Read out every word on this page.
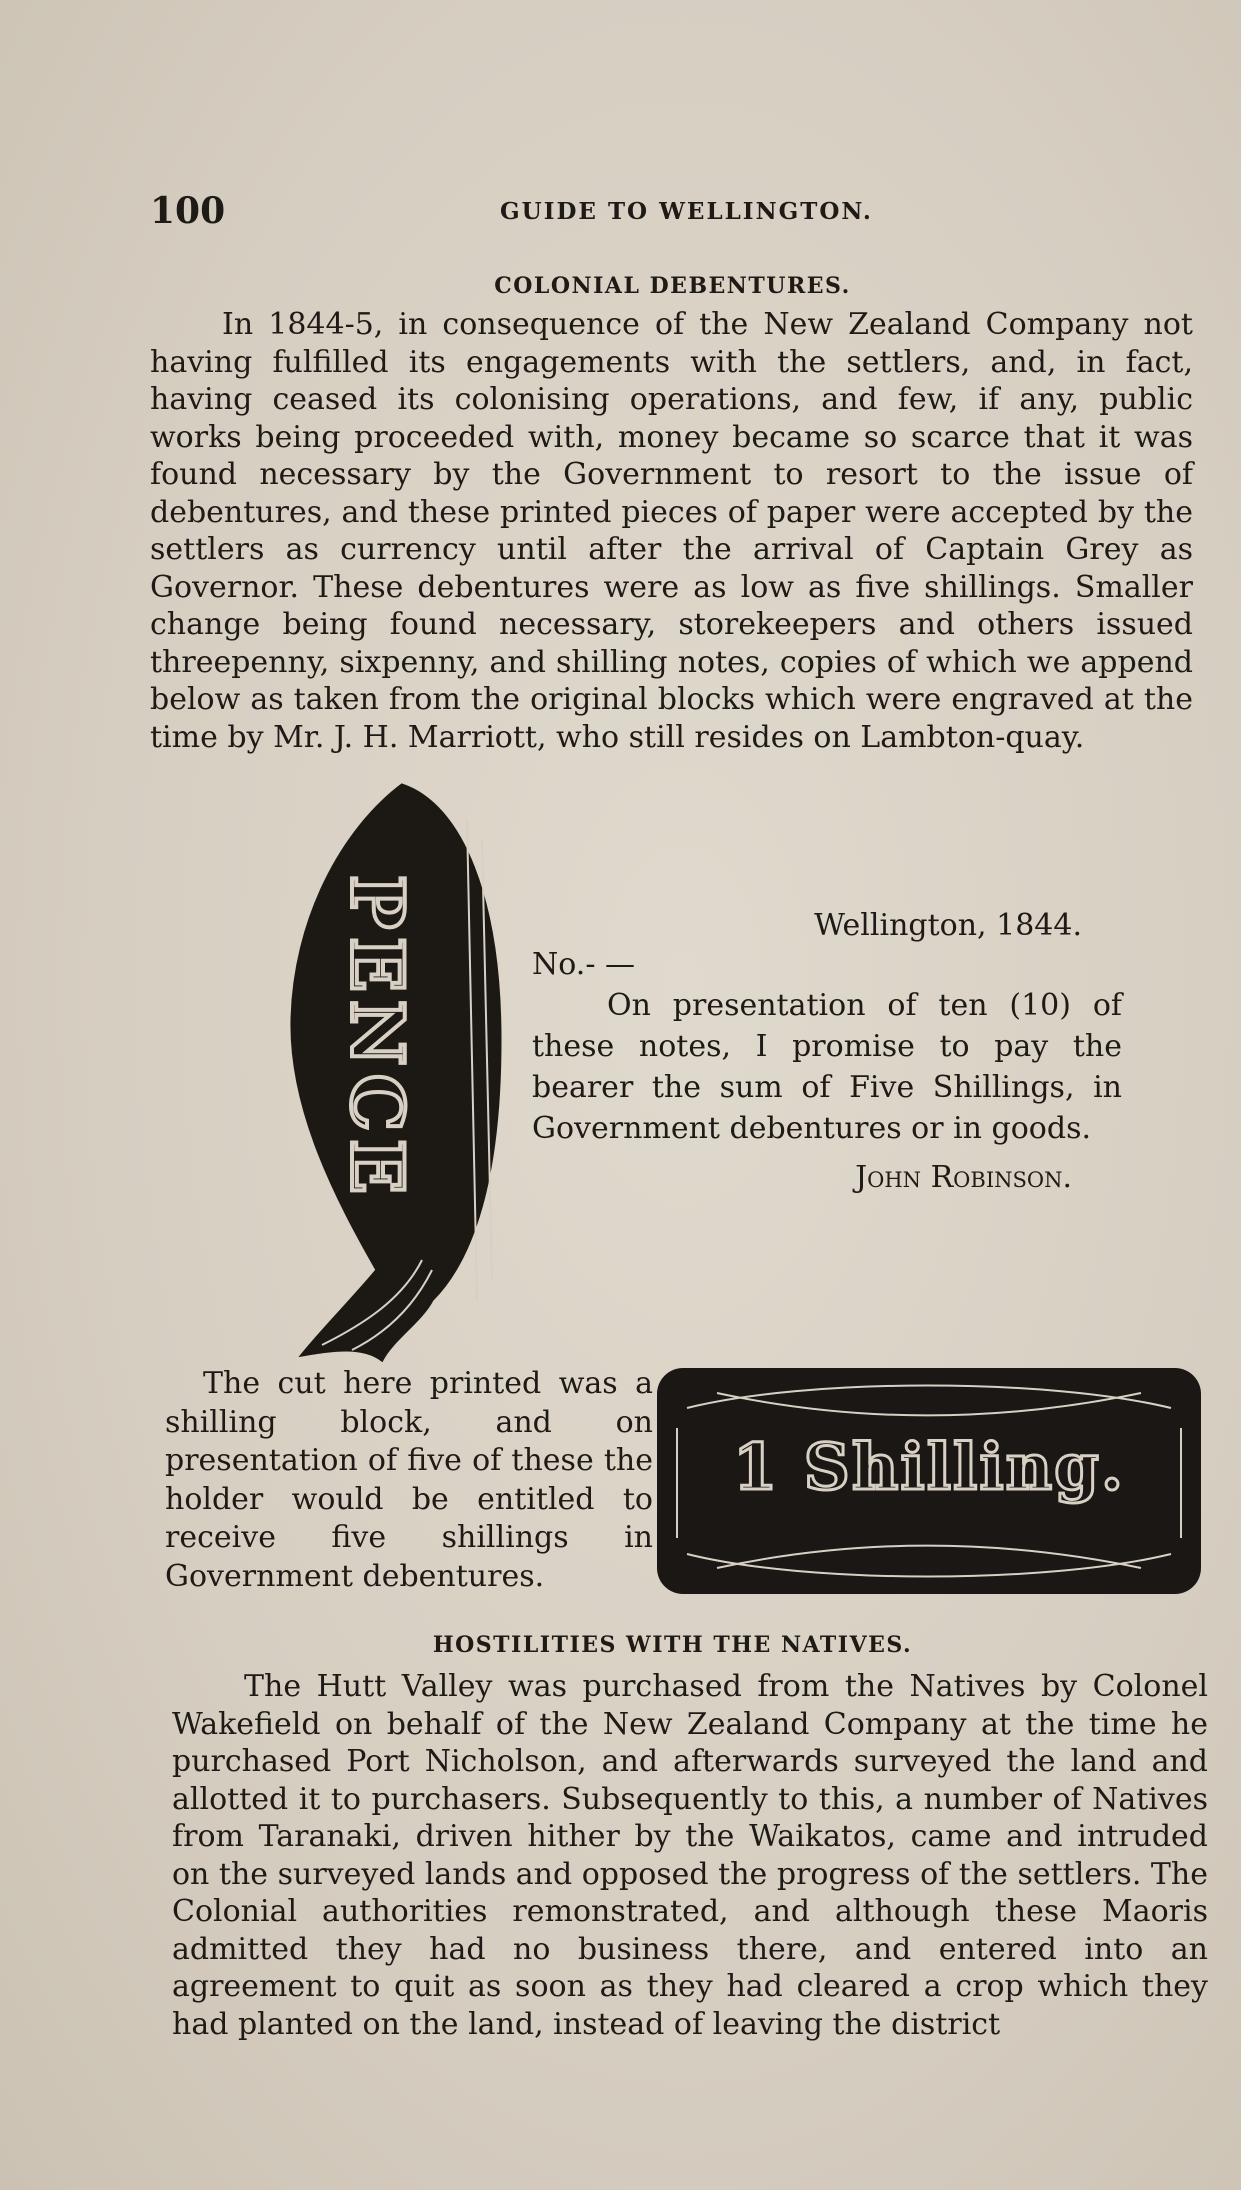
100	GUIDE TO WELLINGTON.
COLONIAL DEBENTURES.

In 1844-5, in consequence of the New Zealand Company not having fulfilled its engagements with the settlers, and, in fact, having ceased its colonising operations, and few, if any, public works being proceeded with, money became so scarce that it was found necessary by the Government to resort to the issue of debentures, and these printed pieces of paper were accepted by the settlers as currency until after the arrival of Captain Grey as Governor. These debentures were as low as five shillings. Smaller change being found necessary, storekeepers and others issued threepenny, sixpenny, and shilling notes, copies of which we append below as taken from the original blocks which were engraved at the time by Mr. J. H. Marriott, who still resides on Lambton-quay.

PENCE	Wellington, 1844.
No.- —

On presentation of ten (10) of these notes, I promise to pay the bearer the sum of Five Shillings, in Government debentures or in goods.

John Robinson.

The cut here printed was a shilling block, and on presentation of five of these the holder would be entitled to receive five shillings in Government debentures.

1 Shilling.
HOSTILITIES WITH THE NATIVES.

The Hutt Valley was purchased from the Natives by Colonel Wakefield on behalf of the New Zealand Company at the time he purchased Port Nicholson, and afterwards surveyed the land and allotted it to purchasers. Subsequently to this, a number of Natives from Taranaki, driven hither by the Waikatos, came and intruded on the surveyed lands and opposed the progress of the settlers. The Colonial authorities remonstrated, and although these Maoris admitted they had no business there, and entered into an agreement to quit as soon as they had cleared a crop which they had planted on the land, instead of leaving the district
